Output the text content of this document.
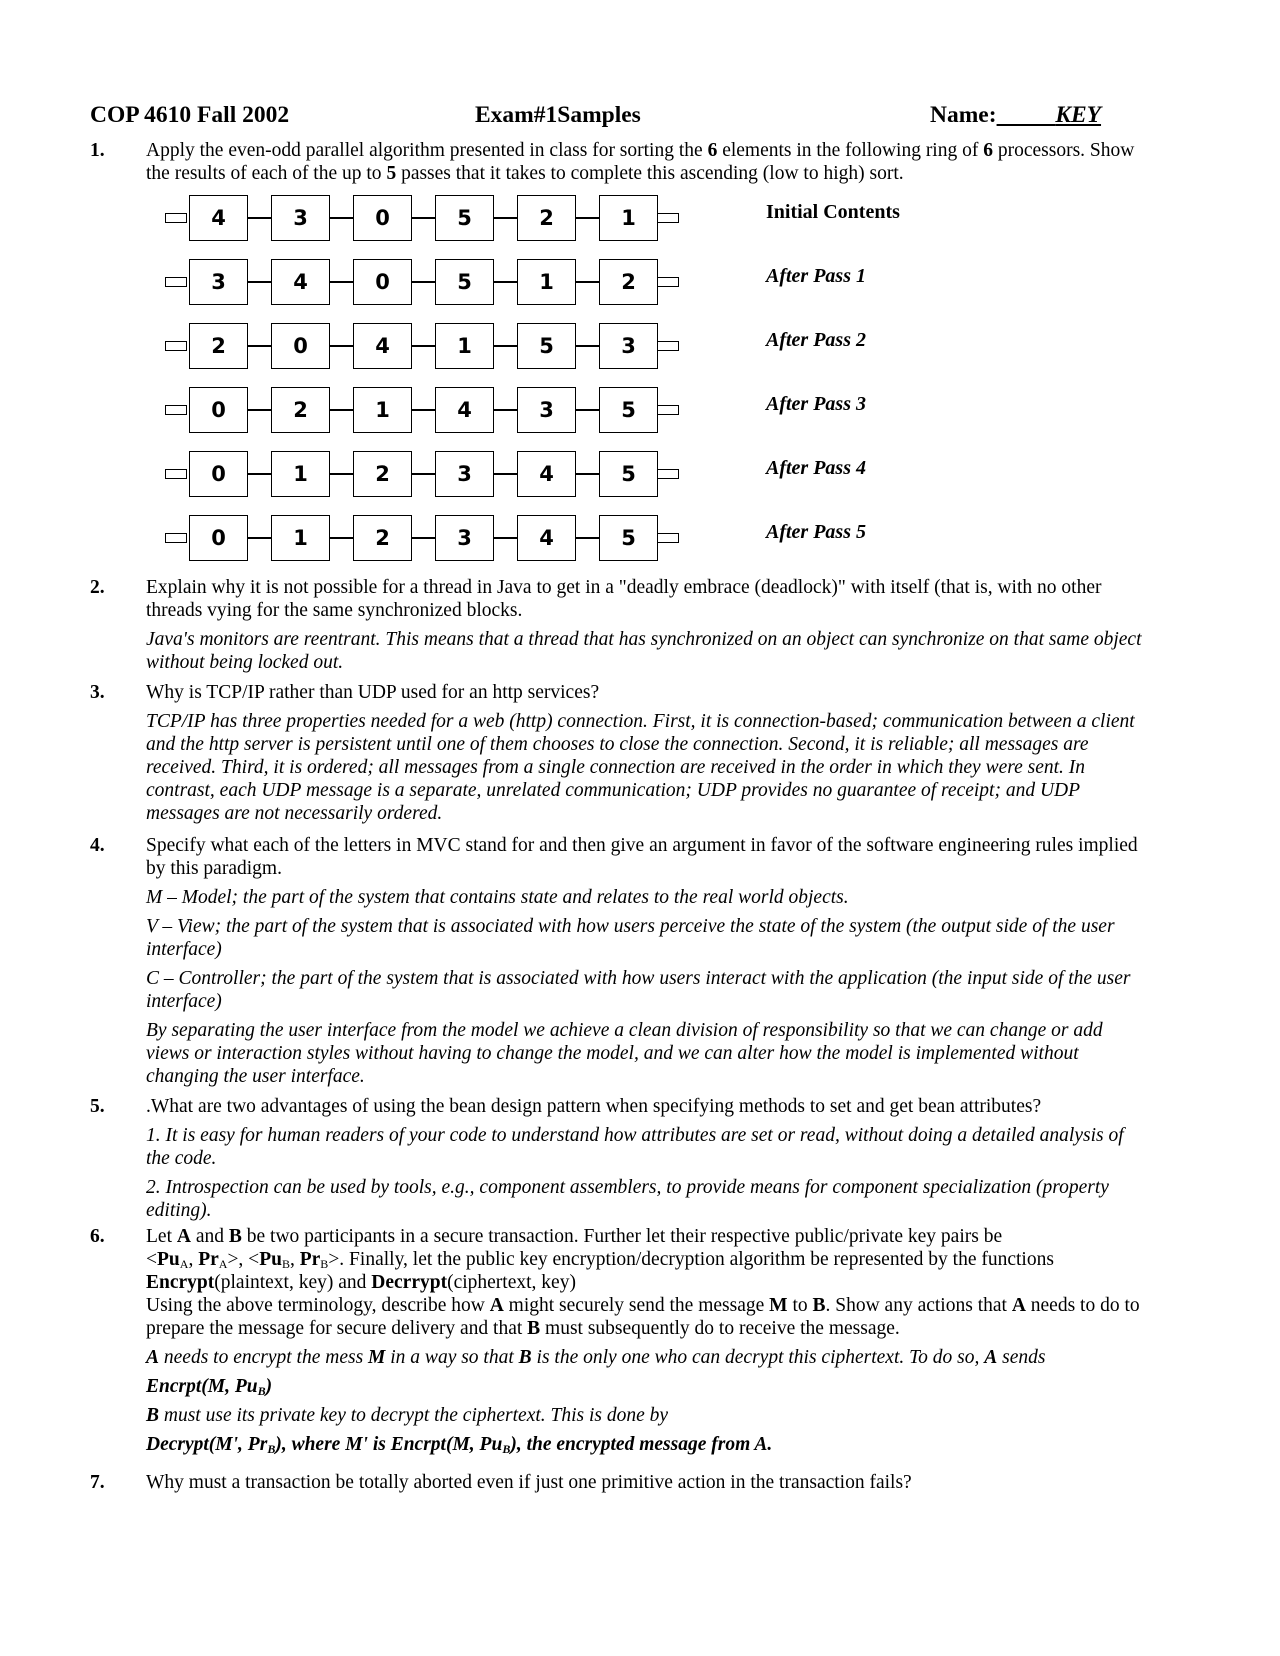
COP 4610 Fall 2002	Exam#1Samples	Name:	KEY
1. Apply the even-odd parallel algorithm presented in class for sorting the 6 elements in the following ring of 6 processors. Show the results of each of the up to 5 passes that it takes to complete this ascending (low to high) sort.

4	3	0	5	2	1	Initial Contents
3	4	0	5	1	2	After Pass 1
2	0	4	1	5	3	After Pass 2
0	2	1	4	3	5	After Pass 3
0	1	2	3	4	5	After Pass 4
0	1	2	3	4	5	After Pass 5
2. Explain why it is not possible for a thread in Java to get in a "deadly embrace (deadlock)" with itself (that is, with no other threads vying for the same synchronized blocks.

Java's monitors are reentrant. This means that a thread that has synchronized on an object can synchronize on that same object without being locked out.

3. Why is TCP/IP rather than UDP used for an http services?

TCP/IP has three properties needed for a web (http) connection. First, it is connection-based; communication between a client and the http server is persistent until one of them chooses to close the connection. Second, it is reliable; all messages are received. Third, it is ordered; all messages from a single connection are received in the order in which they were sent. In contrast, each UDP message is a separate, unrelated communication; UDP provides no guarantee of receipt; and UDP messages are not necessarily ordered.

4. Specify what each of the letters in MVC stand for and then give an argument in favor of the software engineering rules implied by this paradigm.

M – Model; the part of the system that contains state and relates to the real world objects.

V – View; the part of the system that is associated with how users perceive the state of the system (the output side of the user interface)

C – Controller; the part of the system that is associated with how users interact with the application (the input side of the user interface)

By separating the user interface from the model we achieve a clean division of responsibility so that we can change or add views or interaction styles without having to change the model, and we can alter how the model is implemented without changing the user interface.

5. .What are two advantages of using the bean design pattern when specifying methods to set and get bean attributes?

1. It is easy for human readers of your code to understand how attributes are set or read, without doing a detailed analysis of the code.

2. Introspection can be used by tools, e.g., component assemblers, to provide means for component specialization (property editing).

6. Let A and B be two participants in a secure transaction. Further let their respective public/private key pairs be

$<Pu_A$, $Pr_A>$, $<Pu_B$, $Pr_B>$. Finally, let the public key encryption/decryption algorithm be represented by the functions

Encrypt(plaintext, key) and Decrrypt(ciphertext, key)

Using the above terminology, describe how A might securely send the message M to B. Show any actions that A needs to do to prepare the message for secure delivery and that B must subsequently do to receive the message.

A needs to encrypt the mess M in a way so that B is the only one who can decrypt this ciphertext. To do so, A sends

Encrpt(M, $Pu_B$)

B must use its private key to decrypt the ciphertext. This is done by

Decrypt(M', $Pr_B$), where M' is Encrpt(M, $Pu_B$), the encrypted message from A.

7. Why must a transaction be totally aborted even if just one primitive action in the transaction fails?
